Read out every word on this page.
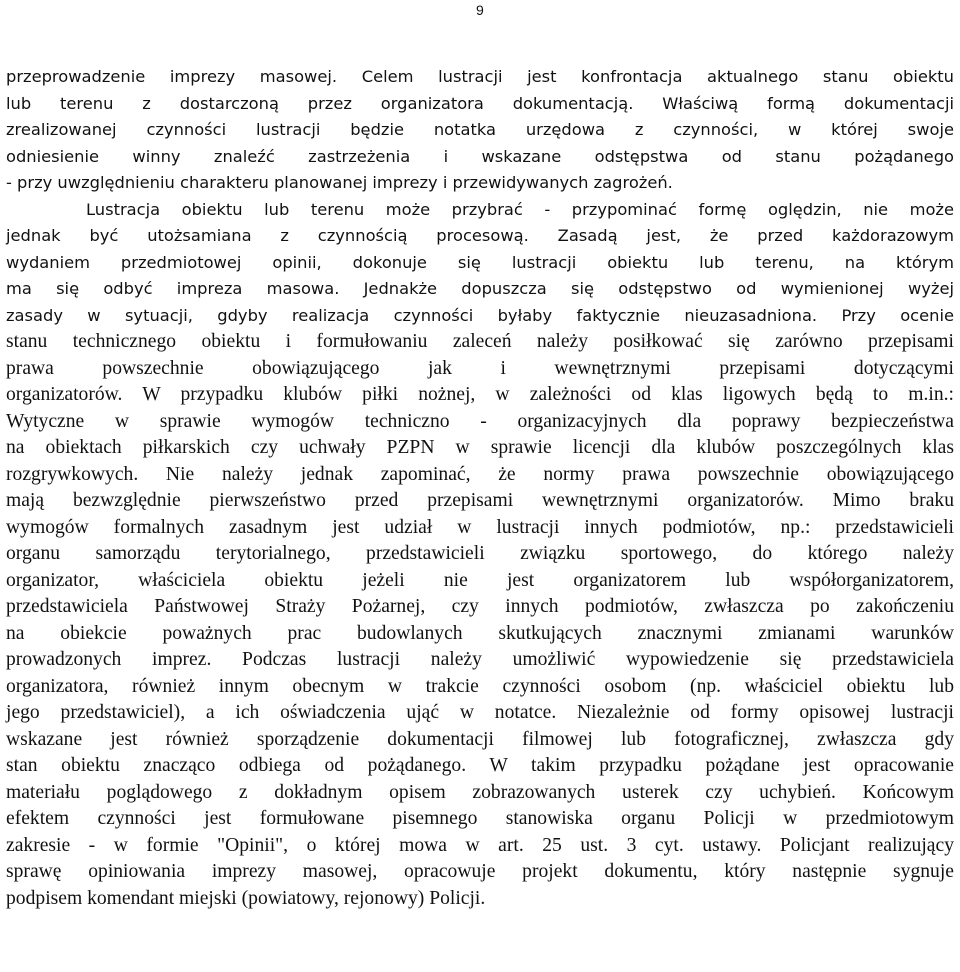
9
przeprowadzenie imprezy masowej. Celem lustracji jest konfrontacja aktualnego stanu obiektu
lub terenu z dostarczoną przez organizatora dokumentacją. Właściwą formą dokumentacji
zrealizowanej czynności lustracji będzie notatka urzędowa z czynności, w której swoje
odniesienie winny znaleźć zastrzeżenia i wskazane odstępstwa od stanu pożądanego
- przy uwzględnieniu charakteru planowanej imprezy i przewidywanych zagrożeń.
Lustracja obiektu lub terenu może przybrać - przypominać formę oględzin, nie może
jednak być utożsamiana z czynnością procesową. Zasadą jest, że przed każdorazowym
wydaniem przedmiotowej opinii, dokonuje się lustracji obiektu lub terenu, na którym
ma się odbyć impreza masowa. Jednakże dopuszcza się odstępstwo od wymienionej wyżej
zasady w sytuacji, gdyby realizacja czynności byłaby faktycznie nieuzasadniona. Przy ocenie
stanu technicznego obiektu i formułowaniu zaleceń należy posiłkować się zarówno przepisami
prawa powszechnie obowiązującego jak i wewnętrznymi przepisami dotyczącymi
organizatorów. W przypadku klubów piłki nożnej, w zależności od klas ligowych będą to m.in.:
Wytyczne w sprawie wymogów techniczno - organizacyjnych dla poprawy bezpieczeństwa
na obiektach piłkarskich czy uchwały PZPN w sprawie licencji dla klubów poszczególnych klas
rozgrywkowych. Nie należy jednak zapominać, że normy prawa powszechnie obowiązującego
mają bezwzględnie pierwszeństwo przed przepisami wewnętrznymi organizatorów. Mimo braku
wymogów formalnych zasadnym jest udział w lustracji innych podmiotów, np.: przedstawicieli
organu samorządu terytorialnego, przedstawicieli związku sportowego, do którego należy
organizator, właściciela obiektu jeżeli nie jest organizatorem lub współorganizatorem,
przedstawiciela Państwowej Straży Pożarnej, czy innych podmiotów, zwłaszcza po zakończeniu
na obiekcie poważnych prac budowlanych skutkujących znacznymi zmianami warunków
prowadzonych imprez. Podczas lustracji należy umożliwić wypowiedzenie się przedstawiciela
organizatora, również innym obecnym w trakcie czynności osobom (np. właściciel obiektu lub
jego przedstawiciel), a ich oświadczenia ująć w notatce. Niezależnie od formy opisowej lustracji
wskazane jest również sporządzenie dokumentacji filmowej lub fotograficznej, zwłaszcza gdy
stan obiektu znacząco odbiega od pożądanego. W takim przypadku pożądane jest opracowanie
materiału poglądowego z dokładnym opisem zobrazowanych usterek czy uchybień. Końcowym
efektem czynności jest formułowane pisemnego stanowiska organu Policji w przedmiotowym
zakresie - w formie "Opinii", o której mowa w art. 25 ust. 3 cyt. ustawy. Policjant realizujący
sprawę opiniowania imprezy masowej, opracowuje projekt dokumentu, który następnie sygnuje
podpisem komendant miejski (powiatowy, rejonowy) Policji.
